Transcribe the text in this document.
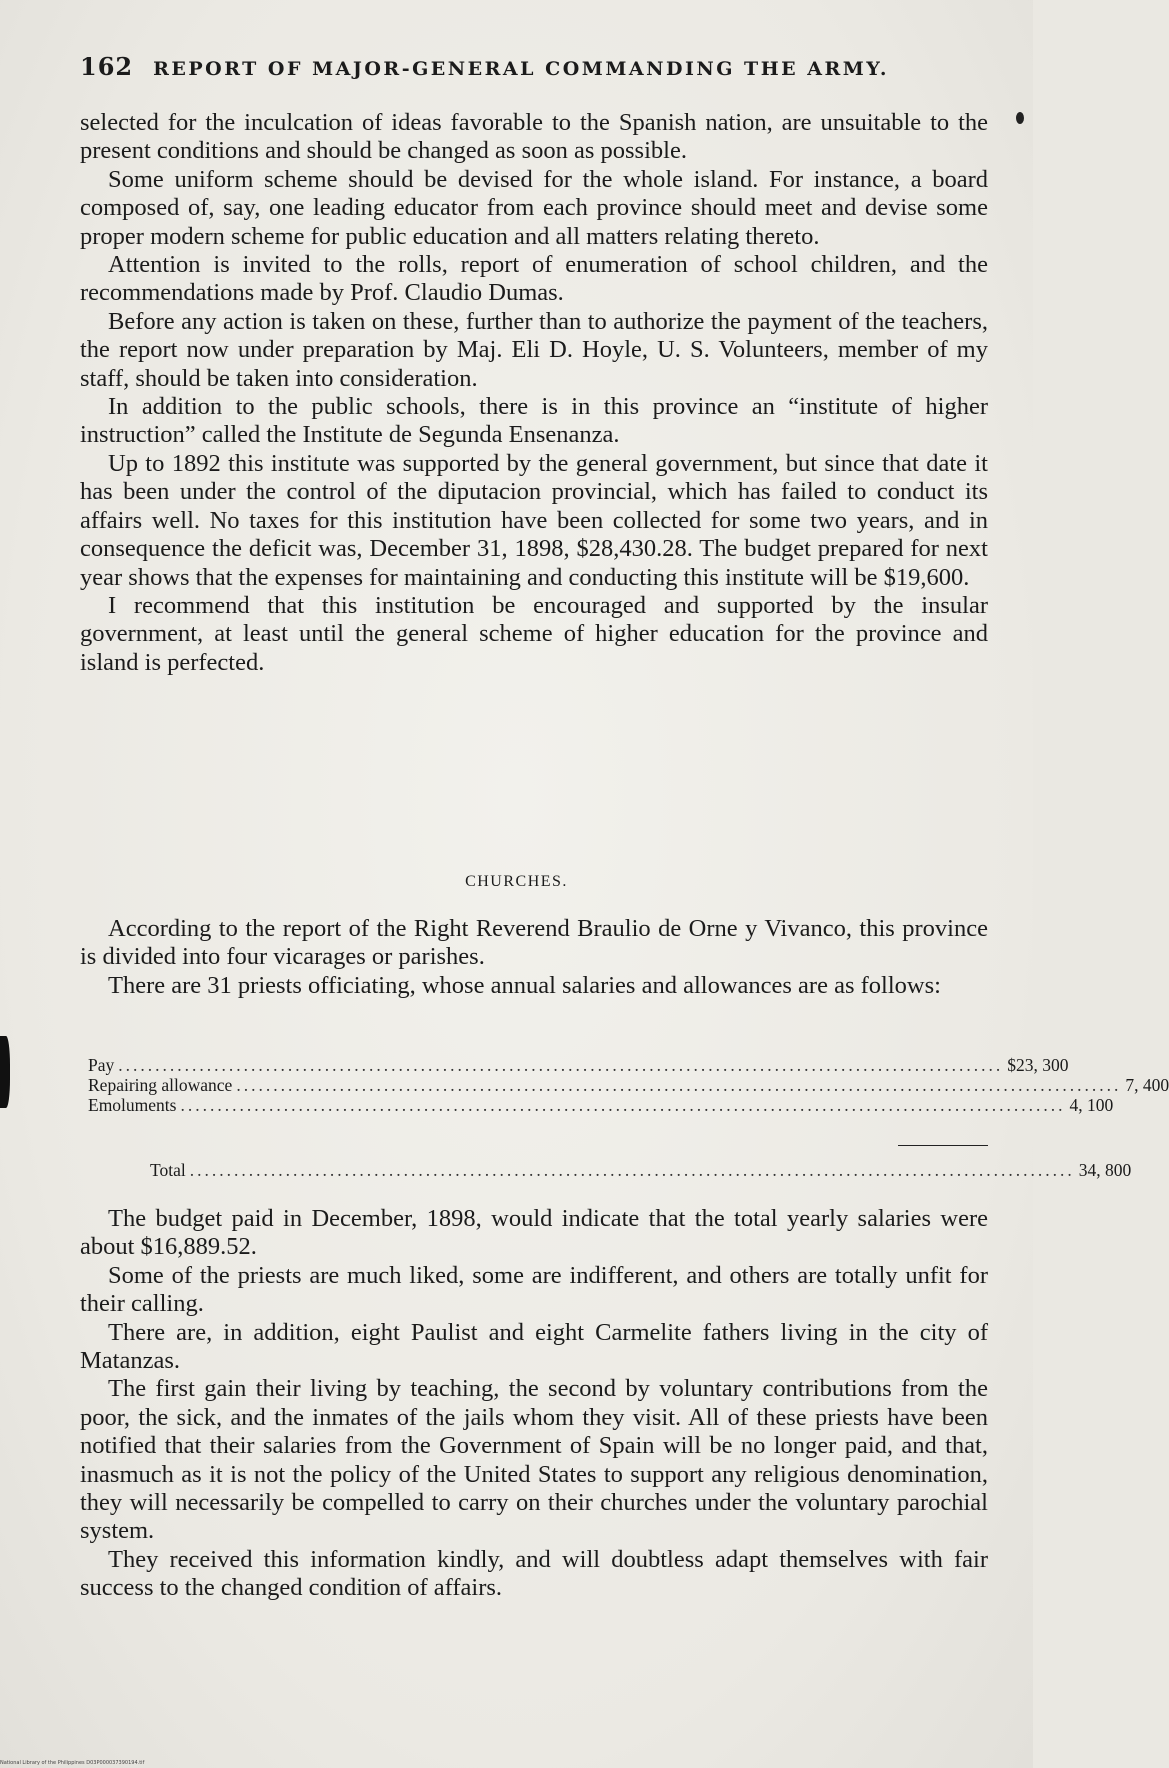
162 REPORT OF MAJOR-GENERAL COMMANDING THE ARMY.

selected for the inculcation of ideas favorable to the Spanish nation, are unsuitable to the present conditions and should be changed as soon as possible.

Some uniform scheme should be devised for the whole island. For instance, a board composed of, say, one leading educator from each province should meet and devise some proper modern scheme for public education and all matters relating thereto.

Attention is invited to the rolls, report of enumeration of school children, and the recommendations made by Prof. Claudio Dumas.

Before any action is taken on these, further than to authorize the payment of the teachers, the report now under preparation by Maj. Eli D. Hoyle, U. S. Volunteers, member of my staff, should be taken into consideration.

In addition to the public schools, there is in this province an “institute of higher instruction” called the Institute de Segunda Ensenanza.

Up to 1892 this institute was supported by the general government, but since that date it has been under the control of the diputacion provincial, which has failed to conduct its affairs well. No taxes for this institution have been collected for some two years, and in consequence the deficit was, December 31, 1898, $28,430.28. The budget prepared for next year shows that the expenses for maintaining and conducting this institute will be $19,600.

I recommend that this institution be encouraged and supported by the insular government, at least until the general scheme of higher education for the province and island is perfected.

CHURCHES.

According to the report of the Right Reverend Braulio de Orne y Vivanco, this province is divided into four vicarages or parishes.

There are 31 priests officiating, whose annual salaries and allowances are as follows:

Pay ........................................................................................................................ $23, 300
Repairing allowance ........................................................................................................................ 7, 400
Emoluments ........................................................................................................................ 4, 100
Total ........................................................................................................................ 34, 800

The budget paid in December, 1898, would indicate that the total yearly salaries were about $16,889.52.

Some of the priests are much liked, some are indifferent, and others are totally unfit for their calling.

There are, in addition, eight Paulist and eight Carmelite fathers living in the city of Matanzas.

The first gain their living by teaching, the second by voluntary contributions from the poor, the sick, and the inmates of the jails whom they visit. All of these priests have been notified that their salaries from the Government of Spain will be no longer paid, and that, inasmuch as it is not the policy of the United States to support any religious denomination, they will necessarily be compelled to carry on their churches under the voluntary parochial system.

They received this information kindly, and will doubtless adapt themselves with fair success to the changed condition of affairs.

National Library of the Philippines D03P000037390194.tif
